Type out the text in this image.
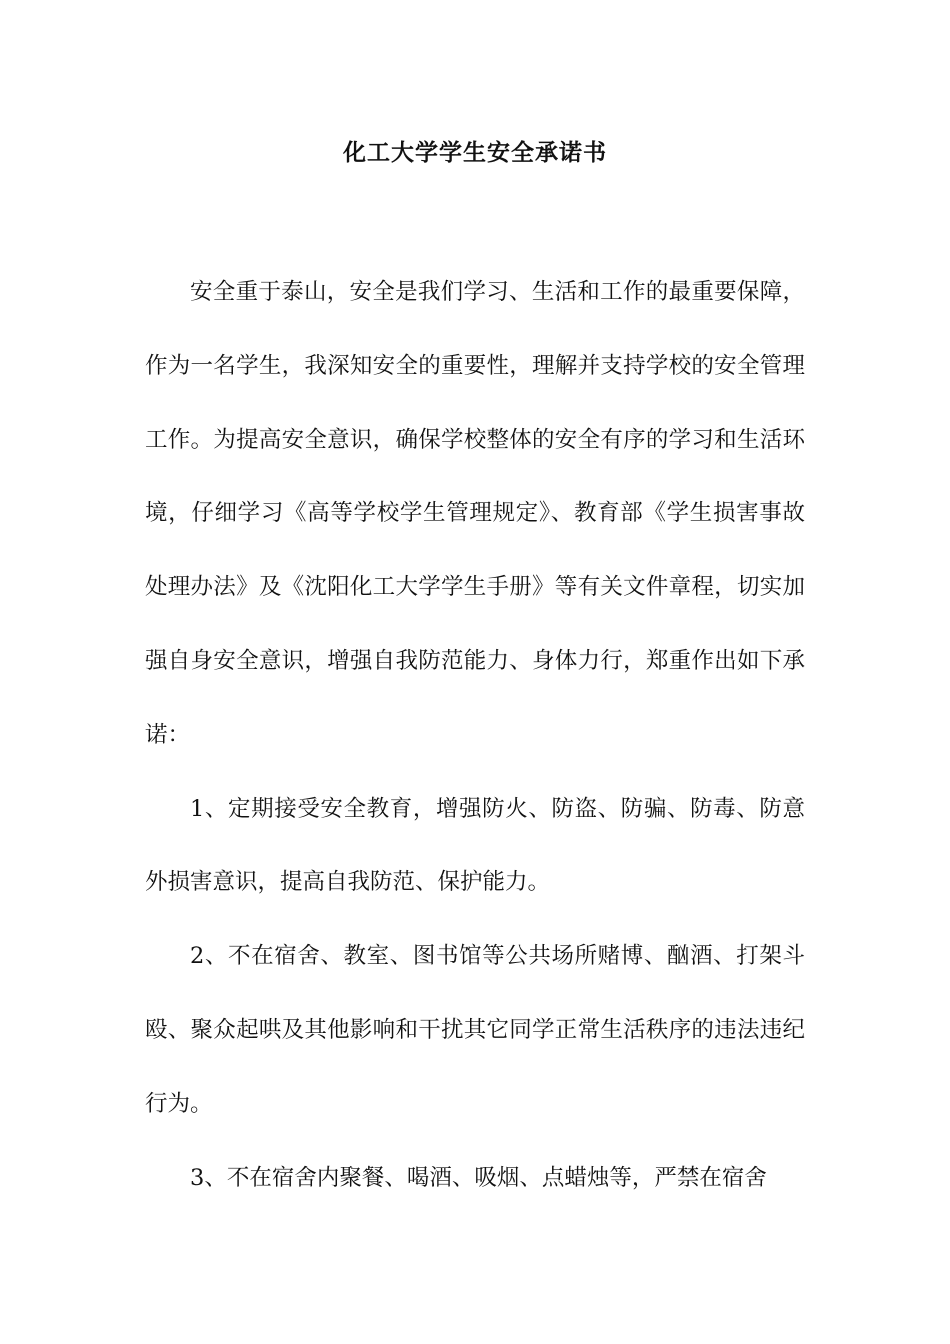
化工大学学生安全承诺书

安全重于泰山，安全是我们学习、生活和工作的最重要保障，作为一名学生，我深知安全的重要性，理解并支持学校的安全管理工作。为提高安全意识，确保学校整体的安全有序的学习和生活环境，仔细学习《高等学校学生管理规定》、教育部《学生损害事故处理办法》及《沈阳化工大学学生手册》等有关文件章程，切实加强自身安全意识，增强自我防范能力、身体力行，郑重作出如下承诺：

1、定期接受安全教育，增强防火、防盗、防骗、防毒、防意外损害意识，提高自我防范、保护能力。

2、不在宿舍、教室、图书馆等公共场所赌博、酗酒、打架斗殴、聚众起哄及其他影响和干扰其它同学正常生活秩序的违法违纪行为。

3、不在宿舍内聚餐、喝酒、吸烟、点蜡烛等，严禁在宿舍
